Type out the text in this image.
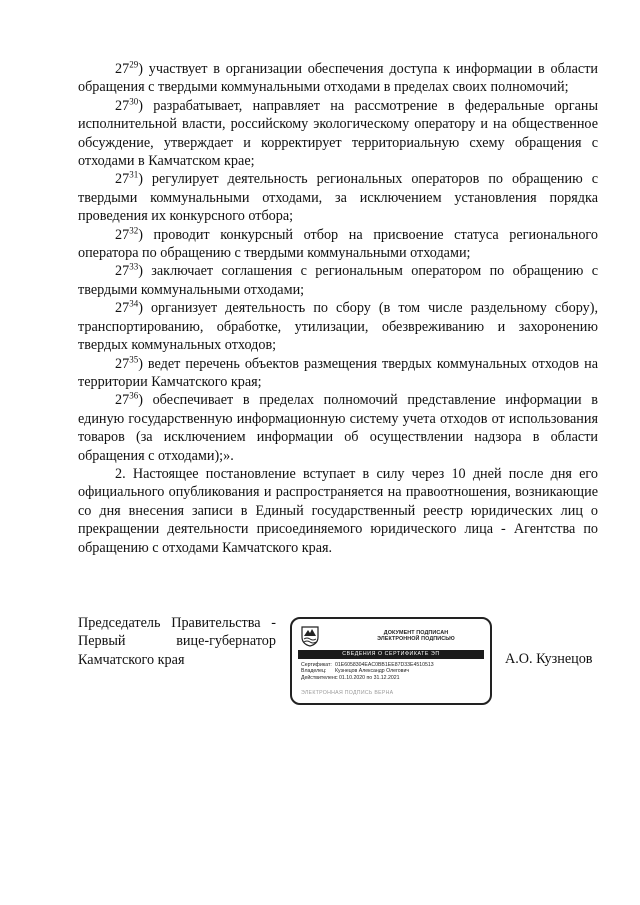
$27^{29}$) участвует в организации обеспечения доступа к информации в области обращения с твердыми коммунальными отходами в пределах своих полномочий;

$27^{30}$) разрабатывает, направляет на рассмотрение в федеральные органы исполнительной власти, российскому экологическому оператору и на общественное обсуждение, утверждает и корректирует территориальную схему обращения с отходами в Камчатском крае;

$27^{31}$) регулирует деятельность региональных операторов по обращению с твердыми коммунальными отходами, за исключением установления порядка проведения их конкурсного отбора;

$27^{32}$) проводит конкурсный отбор на присвоение статуса регионального оператора по обращению с твердыми коммунальными отходами;

$27^{33}$) заключает соглашения с региональным оператором по обращению с твердыми коммунальными отходами;

$27^{34}$) организует деятельность по сбору (в том числе раздельному сбору), транспортированию, обработке, утилизации, обезвреживанию и захоронению твердых коммунальных отходов;

$27^{35}$) ведет перечень объектов размещения твердых коммунальных отходов на территории Камчатского края;

$27^{36}$) обеспечивает в пределах полномочий представление информации в единую государственную информационную систему учета отходов от использования товаров (за исключением информации об осуществлении надзора в области обращения с отходами);».

2. Настоящее постановление вступает в силу через 10 дней после дня его официального опубликования и распространяется на правоотношения, возникающие со дня внесения записи в Единый государственный реестр юридических лиц о прекращении деятельности присоединяемого юридического лица - Агентства по обращению с отходами Камчатского края.

Председатель Правительства -
Первый вице-губернатор
Камчатского края
ДОКУМЕНТ ПОДПИСАН
ЭЛЕКТРОННОЙ ПОДПИСЬЮ
СВЕДЕНИЯ О СЕРТИФИКАТЕ ЭП
Сертификат: 01E6058304EAC0BB1EE87D33E4510513
Владелец:	Кузнецов Александр Олегович
Действителен:
с 01.10.2020 по 31.12.2021
ЭЛЕКТРОННАЯ ПОДПИСЬ ВЕРНА
А.О. Кузнецов
